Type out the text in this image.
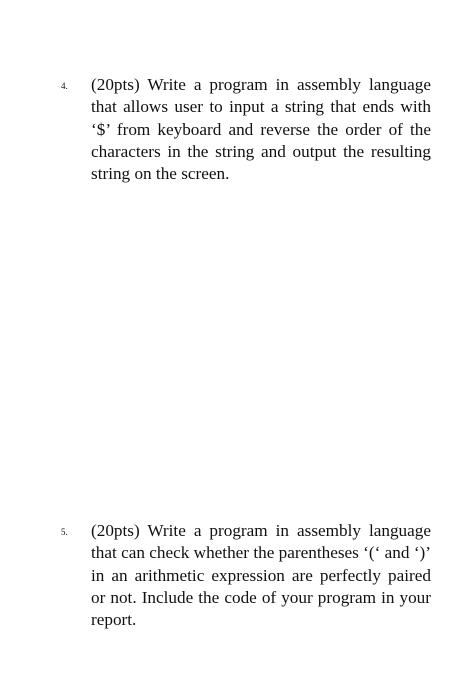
4. (20pts) Write a program in assembly language that allows user to input a string that ends with ‘$’ from keyboard and reverse the order of the characters in the string and output the resulting string on the screen.

5. (20pts) Write a program in assembly language that can check whether the parentheses ‘(‘ and ‘)’ in an arithmetic expression are perfectly paired or not. Include the code of your program in your report.
